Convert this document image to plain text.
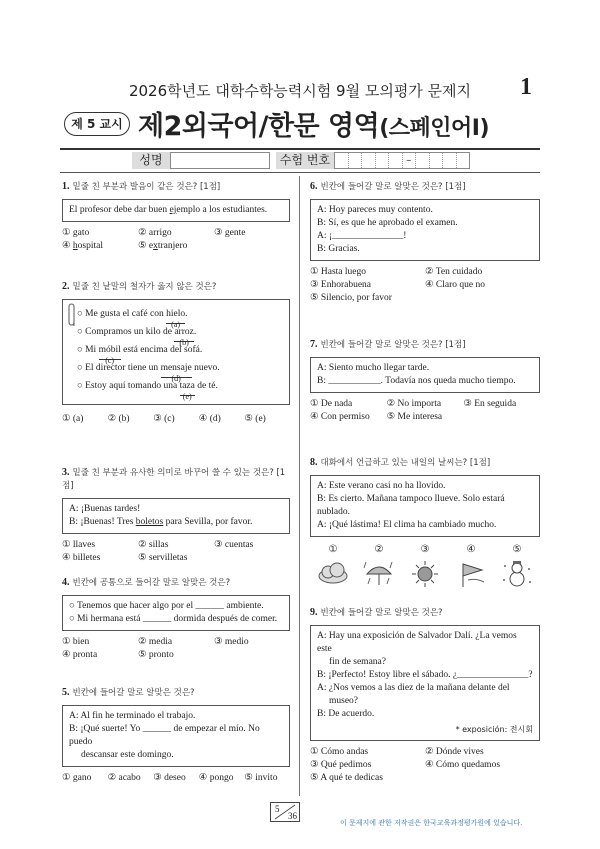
2026학년도 대학수학능력시험 9월 모의평가 문제지	1
제 5 교시 제2외국어/한문 영역(스페인어Ⅰ)
성명	수험 번호	–
1. 밑줄 친 부분과 발음이 같은 것은? [1점]
El profesor debe dar buen ejemplo a los estudiantes.
① gato	② arrigo	③ gente
④ hospital	⑤ extranjero
2. 밑줄 친 낱말의 철자가 옳지 않은 것은?
○ Me gusta el café con hielo
(a)
.
○ Compramos un kilo de arroz
(b)
.
○ Mi móbil
(c)
está encima del sofá.
○ El director tiene un mensaje
(d)
nuevo.
○ Estoy aquí tomando una taza
(e)
de té.
① (a)	② (b)	③ (c)	④ (d)	⑤ (e)
3. 밑줄 친 부분과 유사한 의미로 바꾸어 쓸 수 있는 것은? [1점]
A: ¡Buenas tardes!
B: ¡Buenas! Tres boletos para Sevilla, por favor.
① llaves	② sillas	③ cuentas
④ billetes	⑤ servilletas
4. 빈칸에 공통으로 들어갈 말로 알맞은 것은?
○ Tenemos que hacer algo por el ______ ambiente.
○ Mi hermana está ______ dormida después de comer.
① bien	② media	③ medio
④ pronta	⑤ pronto
5. 빈칸에 들어갈 말로 알맞은 것은?
A: Al fin he terminado el trabajo.
B: ¡Qué suerte! Yo ______ de empezar el mío. No puedo
descansar este domingo.
① gano	② acabo	③ deseo	④ pongo	⑤ invito
6. 빈칸에 들어갈 말로 알맞은 것은? [1점]
A: Hoy pareces muy contento.
B: Sí, es que he aprobado el examen.
A: ¡_______________!
B: Gracias.
① Hasta luego	② Ten cuidado
③ Enhorabuena	④ Claro que no
⑤ Silencio, por favor
7. 빈칸에 들어갈 말로 알맞은 것은? [1점]
A: Siento mucho llegar tarde.
B: ___________. Todavía nos queda mucho tiempo.
① De nada	② No importa	③ En seguida
④ Con permiso	⑤ Me interesa
8. 대화에서 언급하고 있는 내일의 날씨는? [1점]
A: Este verano casi no ha llovido.
B: Es cierto. Mañana tampoco llueve. Solo estará nublado.
A: ¡Qué lástima! El clima ha cambiado mucho.
①	②	③	④	⑤
9. 빈칸에 들어갈 말로 알맞은 것은?
A: Hay una exposición de Salvador Dalí. ¿La vemos este
fin de semana?
B: ¡Perfecto! Estoy libre el sábado. ¿_______________?
A: ¿Nos vemos a las diez de la mañana delante del
museo?
B: De acuerdo.
* exposición: 전시회
① Cómo andas	② Dónde vives
③ Qué pedimos	④ Cómo quedamos
⑤ A qué te dedicas
5
36
이 문제지에 관한 저작권은 한국교육과정평가원에 있습니다.
